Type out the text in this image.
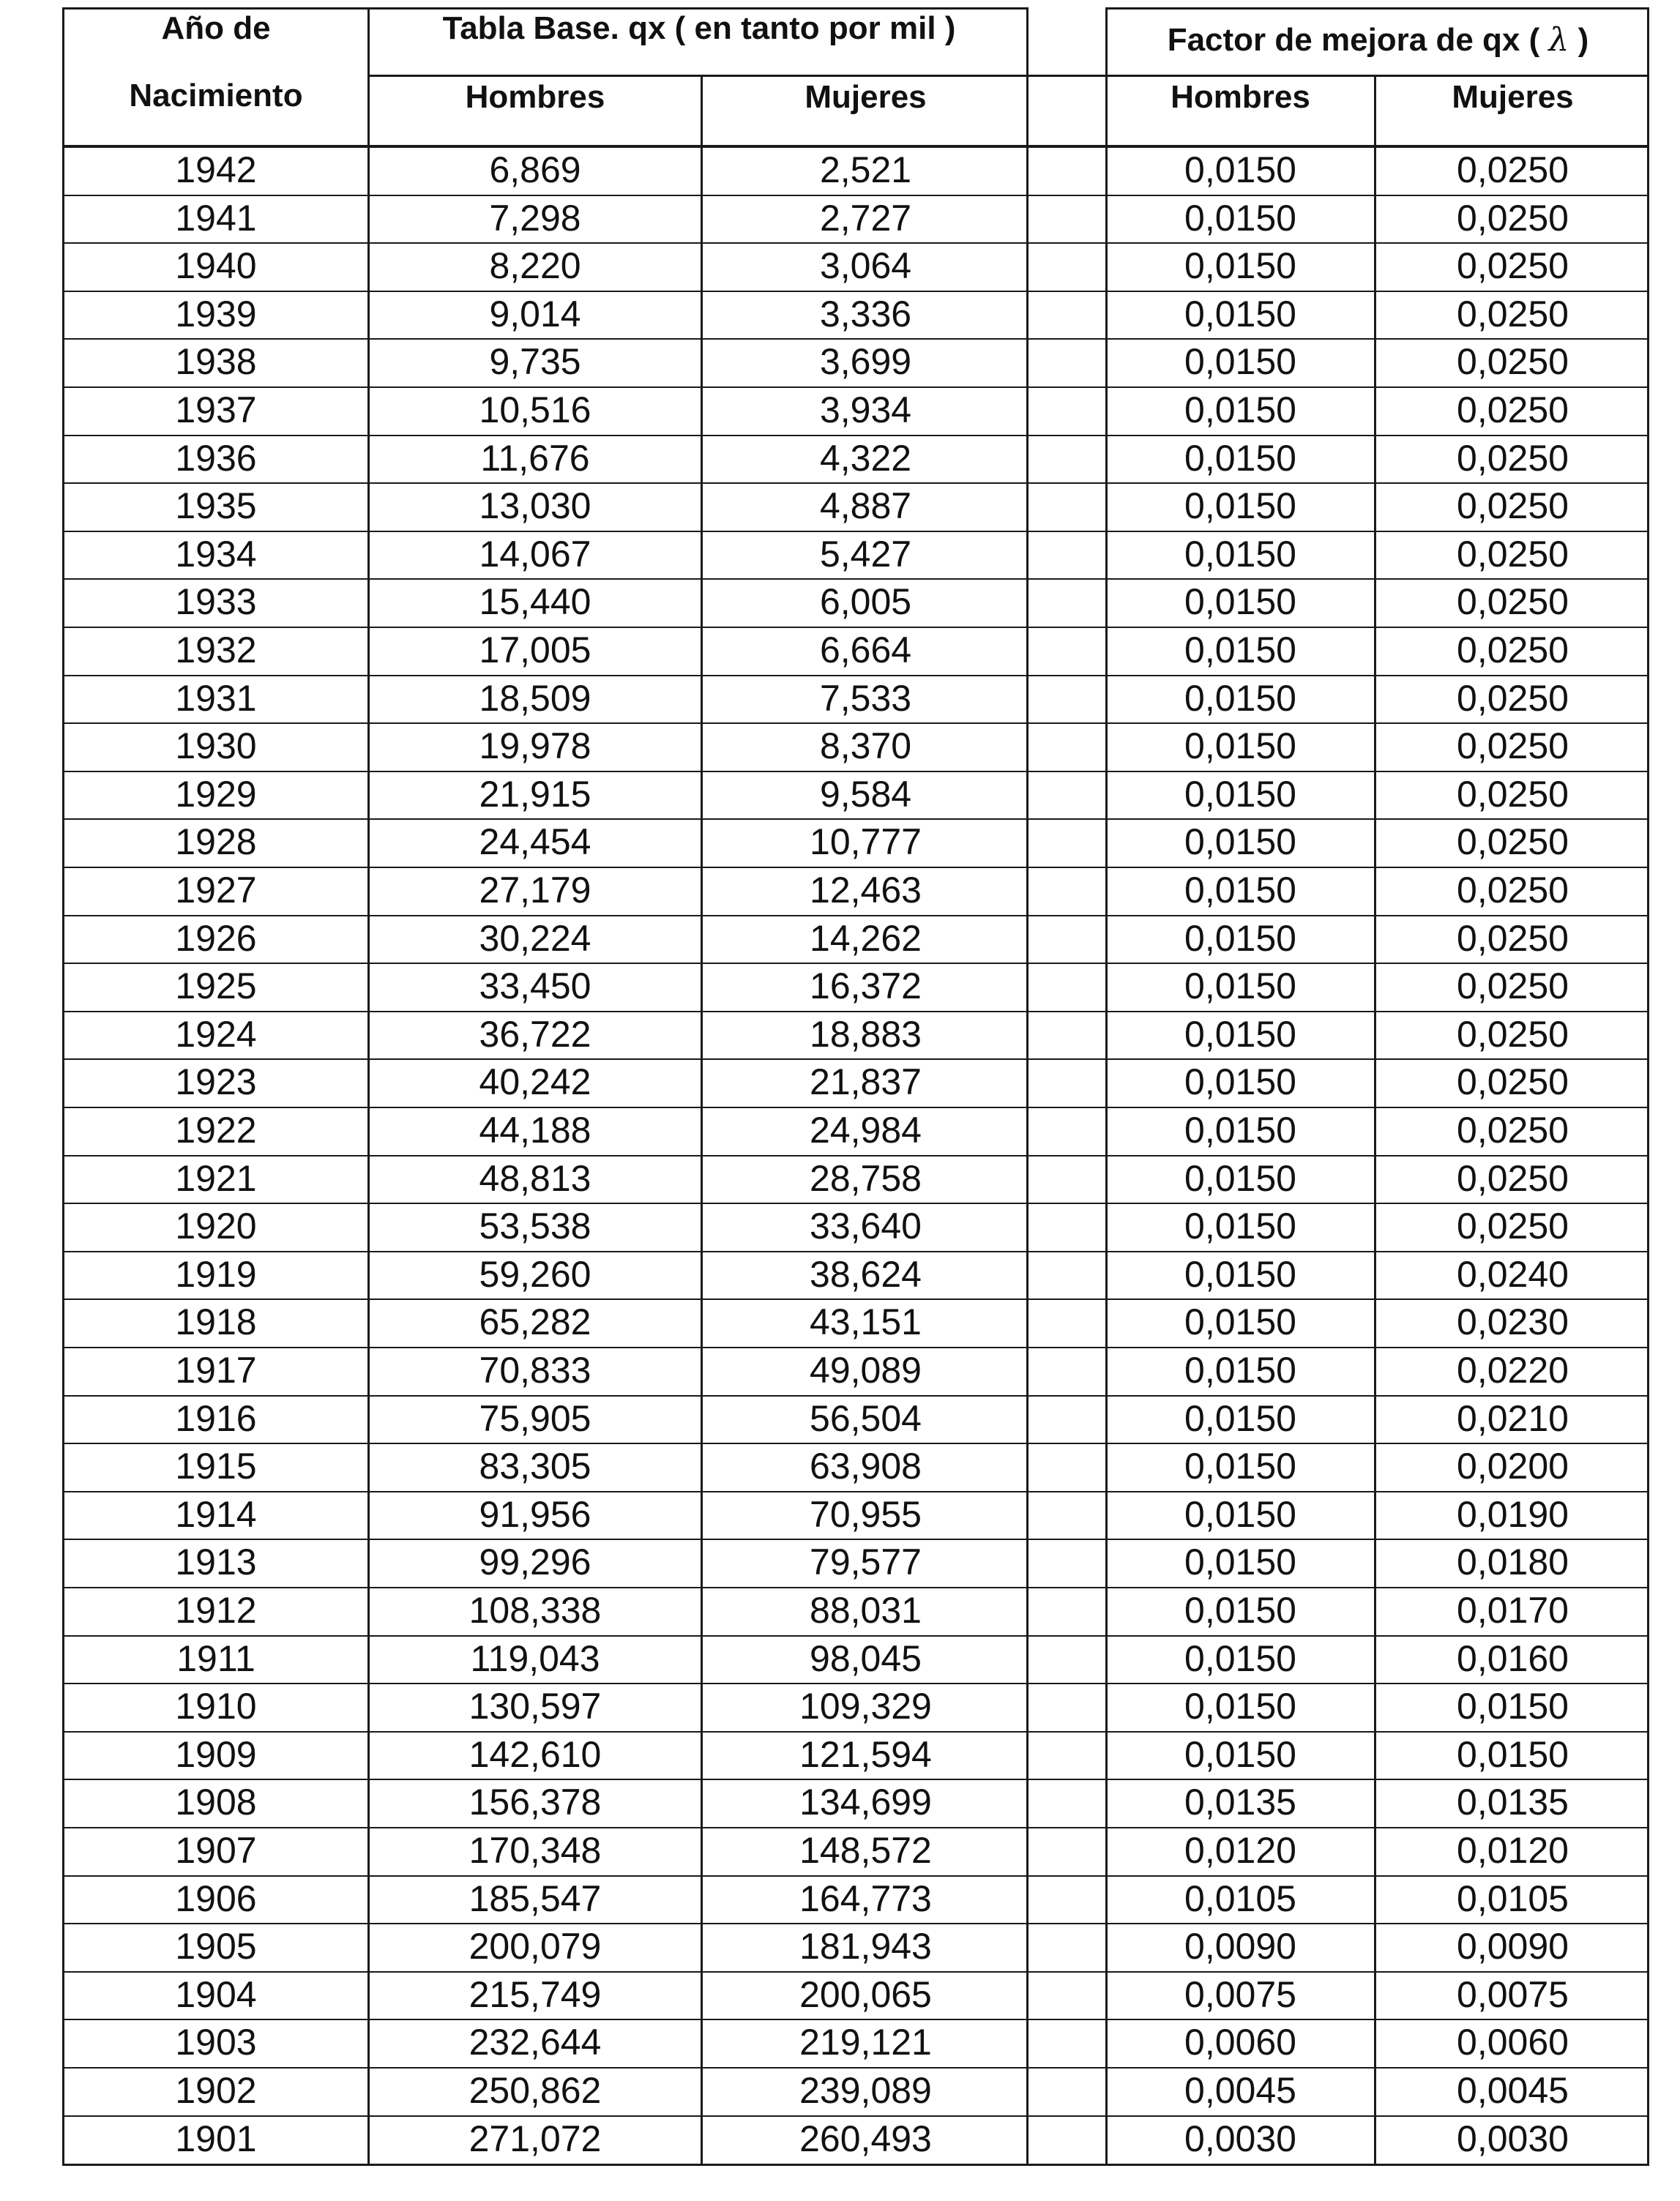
Año de
Nacimiento
Tabla Base. qx ( en tanto por mil )	Factor de mejora de qx ( λ )
Hombres	Mujeres	Hombres	Mujeres
1942	6,869	2,521	0,0150	0,0250
1941	7,298	2,727	0,0150	0,0250
1940	8,220	3,064	0,0150	0,0250
1939	9,014	3,336	0,0150	0,0250
1938	9,735	3,699	0,0150	0,0250
1937	10,516	3,934	0,0150	0,0250
1936	11,676	4,322	0,0150	0,0250
1935	13,030	4,887	0,0150	0,0250
1934	14,067	5,427	0,0150	0,0250
1933	15,440	6,005	0,0150	0,0250
1932	17,005	6,664	0,0150	0,0250
1931	18,509	7,533	0,0150	0,0250
1930	19,978	8,370	0,0150	0,0250
1929	21,915	9,584	0,0150	0,0250
1928	24,454	10,777	0,0150	0,0250
1927	27,179	12,463	0,0150	0,0250
1926	30,224	14,262	0,0150	0,0250
1925	33,450	16,372	0,0150	0,0250
1924	36,722	18,883	0,0150	0,0250
1923	40,242	21,837	0,0150	0,0250
1922	44,188	24,984	0,0150	0,0250
1921	48,813	28,758	0,0150	0,0250
1920	53,538	33,640	0,0150	0,0250
1919	59,260	38,624	0,0150	0,0240
1918	65,282	43,151	0,0150	0,0230
1917	70,833	49,089	0,0150	0,0220
1916	75,905	56,504	0,0150	0,0210
1915	83,305	63,908	0,0150	0,0200
1914	91,956	70,955	0,0150	0,0190
1913	99,296	79,577	0,0150	0,0180
1912	108,338	88,031	0,0150	0,0170
1911	119,043	98,045	0,0150	0,0160
1910	130,597	109,329	0,0150	0,0150
1909	142,610	121,594	0,0150	0,0150
1908	156,378	134,699	0,0135	0,0135
1907	170,348	148,572	0,0120	0,0120
1906	185,547	164,773	0,0105	0,0105
1905	200,079	181,943	0,0090	0,0090
1904	215,749	200,065	0,0075	0,0075
1903	232,644	219,121	0,0060	0,0060
1902	250,862	239,089	0,0045	0,0045
1901	271,072	260,493	0,0030	0,0030
